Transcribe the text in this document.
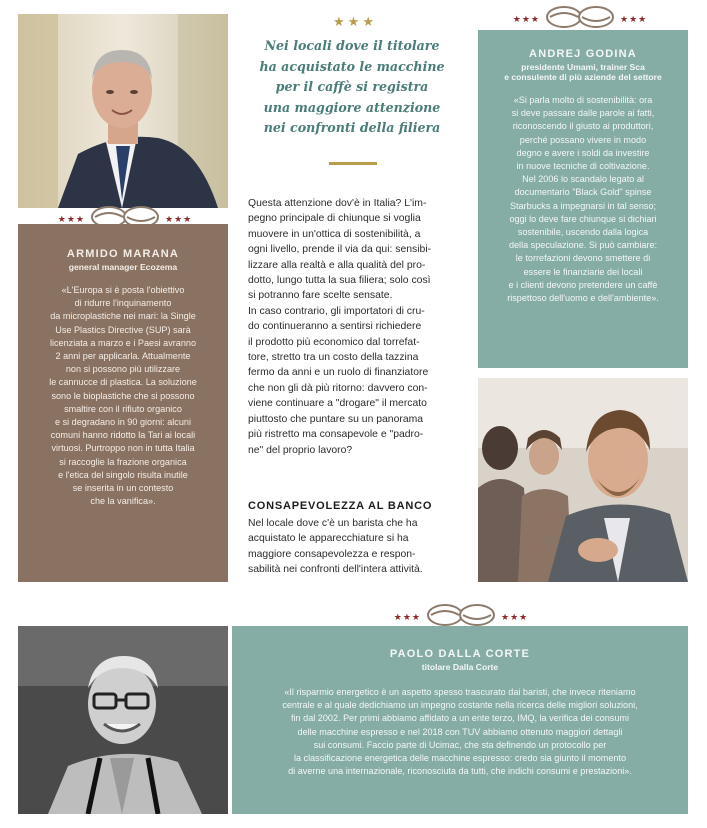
★★★	★★★
ARMIDO MARANA
general manager Ecozema

«L'Europa si è posta l'obiettivo

di ridurre l'inquinamento

da microplastiche nei mari: la Single

Use Plastics Directive (SUP) sarà

licenziata a marzo e i Paesi avranno

2 anni per applicarla. Attualmente

non si possono più utilizzare

le cannucce di plastica. La soluzione

sono le bioplastiche che si possono

smaltire con il rifiuto organico

e si degradano in 90 giorni: alcuni

comuni hanno ridotto la Tari ai locali

virtuosi. Purtroppo non in tutta Italia

si raccoglie la frazione organica

e l'etica del singolo risulta inutile

se inserita in un contesto

che la vanifica».

★★★
Nei locali dove il titolare
ha acquistato le macchine
per il caffè si registra
una maggiore attenzione
nei confronti della filiera
Questa attenzione dov'è in Italia? L'im-
pegno principale di chiunque si voglia
muovere in un'ottica di sostenibilità, a
ogni livello, prende il via da qui: sensibi-
lizzare alla realtà e alla qualità del pro-
dotto, lungo tutta la sua filiera; solo così
si potranno fare scelte sensate.
In caso contrario, gli importatori di cru-
do continueranno a sentirsi richiedere
il prodotto più economico dal torrefat-
tore, stretto tra un costo della tazzina
fermo da anni e un ruolo di finanziatore
che non gli dà più ritorno: davvero con-
viene continuare a "drogare" il mercato
piuttosto che puntare su un panorama
più ristretto ma consapevole e "padro-
ne" del proprio lavoro?
CONSAPEVOLEZZA AL BANCO
Nel locale dove c'è un barista che ha
acquistato le apparecchiature si ha
maggiore consapevolezza e respon-
sabilità nei confronti dell'intera attività.
★★★	★★★
ANDREJ GODINA
presidente Umami, trainer Sca
e consulente di più aziende del settore

«Si parla molto di sostenibilità: ora

si deve passare dalle parole ai fatti,

riconoscendo il giusto ai produttori,

perché possano vivere in modo

degno e avere i soldi da investire

in nuove tecniche di coltivazione.

Nel 2006 lo scandalo legato al

documentario "Black Gold" spinse

Starbucks a impegnarsi in tal senso;

oggi lo deve fare chiunque si dichiari

sostenibile, uscendo dalla logica

della speculazione. Si può cambiare:

le torrefazioni devono smettere di

essere le finanziarie dei locali

e i clienti devono pretendere un caffè

rispettoso dell'uomo e dell'ambiente».

★★★	★★★
PAOLO DALLA CORTE
titolare Dalla Corte

«Il risparmio energetico è un aspetto spesso trascurato dai baristi, che invece riteniamo

centrale e al quale dedichiamo un impegno costante nella ricerca delle migliori soluzioni,

fin dal 2002. Per primi abbiamo affidato a un ente terzo, IMQ, la verifica dei consumi

delle macchine espresso e nel 2018 con TUV abbiamo ottenuto maggiori dettagli

sui consumi. Faccio parte di Ucimac, che sta definendo un protocollo per

la classificazione energetica delle macchine espresso: credo sia giunto il momento

di averne una internazionale, riconosciuta da tutti, che indichi consumi e prestazioni».
